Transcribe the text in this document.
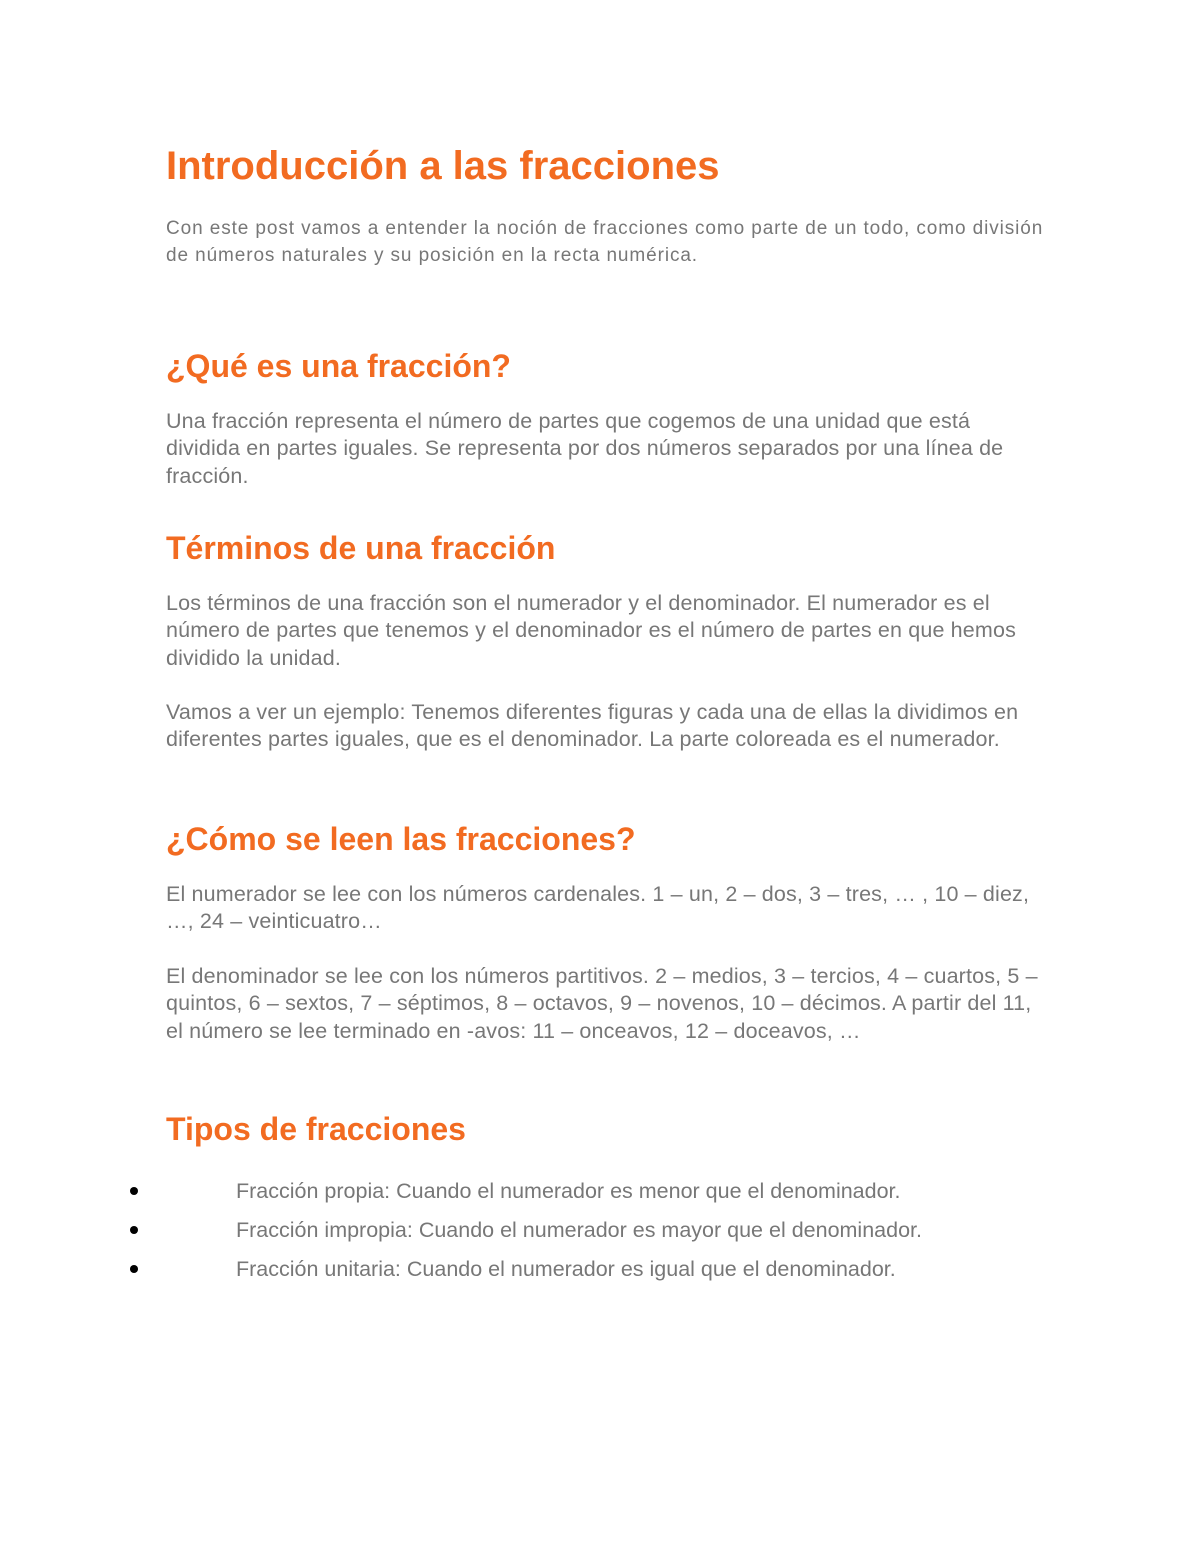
Introducción a las fracciones

Con este post vamos a entender la noción de fracciones como parte de un todo, como división de números naturales y su posición en la recta numérica.

¿Qué es una fracción?

Una fracción representa el número de partes que cogemos de una unidad que está dividida en partes iguales. Se representa por dos números separados por una línea de fracción.

Términos de una fracción

Los términos de una fracción son el numerador y el denominador. El numerador es el número de partes que tenemos y el denominador es el número de partes en que hemos dividido la unidad.

Vamos a ver un ejemplo: Tenemos diferentes figuras y cada una de ellas la dividimos en diferentes partes iguales, que es el denominador. La parte coloreada es el numerador.

¿Cómo se leen las fracciones?

El numerador se lee con los números cardenales. 1 – un, 2 – dos, 3 – tres, … , 10 – diez, …, 24 – veinticuatro…

El denominador se lee con los números partitivos. 2 – medios, 3 – tercios, 4 – cuartos, 5 – quintos, 6 – sextos, 7 – séptimos, 8 – octavos, 9 – novenos, 10 – décimos. A partir del 11, el número se lee terminado en -avos: 11 – onceavos, 12 – doceavos, …

Tipos de fracciones
Fracción propia: Cuando el numerador es menor que el denominador.
Fracción impropia: Cuando el numerador es mayor que el denominador.
Fracción unitaria: Cuando el numerador es igual que el denominador.
